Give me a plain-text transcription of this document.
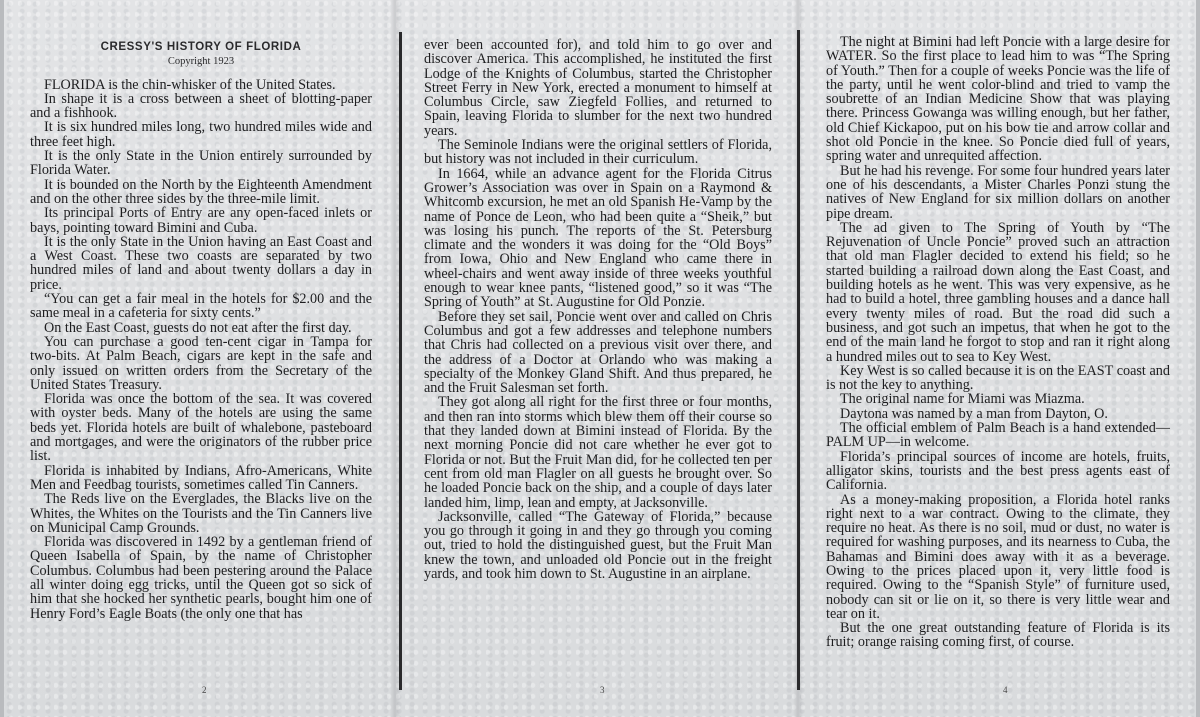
CRESSY'S HISTORY OF FLORIDA
Copyright 1923

FLORIDA is the chin-whisker of the United States.

In shape it is a cross between a sheet of blotting-paper and a fishhook.

It is six hundred miles long, two hundred miles wide and three feet high.

It is the only State in the Union entirely surrounded by Florida Water.

It is bounded on the North by the Eighteenth Amendment and on the other three sides by the three-mile limit.

Its principal Ports of Entry are any open-faced inlets or bays, pointing toward Bimini and Cuba.

It is the only State in the Union having an East Coast and a West Coast. These two coasts are separated by two hundred miles of land and about twenty dollars a day in price.

“You can get a fair meal in the hotels for $2.00 and the same meal in a cafeteria for sixty cents.”

On the East Coast, guests do not eat after the first day.

You can purchase a good ten-cent cigar in Tampa for two-bits. At Palm Beach, cigars are kept in the safe and only issued on written orders from the Secretary of the United States Treasury.

Florida was once the bottom of the sea. It was covered with oyster beds. Many of the hotels are using the same beds yet. Florida hotels are built of whalebone, pasteboard and mortgages, and were the originators of the rubber price list.

Florida is inhabited by Indians, Afro-Americans, White Men and Feedbag tourists, sometimes called Tin Canners.

The Reds live on the Everglades, the Blacks live on the Whites, the Whites on the Tourists and the Tin Canners live on Municipal Camp Grounds.

Florida was discovered in 1492 by a gentleman friend of Queen Isabella of Spain, by the name of Christopher Columbus. Columbus had been pestering around the Palace all winter doing egg tricks, until the Queen got so sick of him that she hocked her synthetic pearls, bought him one of Henry Ford’s Eagle Boats (the only one that has

ever been accounted for), and told him to go over and discover America. This accomplished, he instituted the first Lodge of the Knights of Columbus, started the Christopher Street Ferry in New York, erected a monument to himself at Columbus Circle, saw Ziegfeld Follies, and returned to Spain, leaving Florida to slumber for the next two hundred years.

The Seminole Indians were the original settlers of Florida, but history was not included in their curriculum.

In 1664, while an advance agent for the Florida Citrus Grower’s Association was over in Spain on a Raymond & Whitcomb excursion, he met an old Spanish He-Vamp by the name of Ponce de Leon, who had been quite a “Sheik,” but was losing his punch. The reports of the St. Petersburg climate and the wonders it was doing for the “Old Boys” from Iowa, Ohio and New England who came there in wheel-chairs and went away inside of three weeks youthful enough to wear knee pants, “listened good,” so it was “The Spring of Youth” at St. Augustine for Old Ponzie.

Before they set sail, Poncie went over and called on Chris Columbus and got a few addresses and telephone numbers that Chris had collected on a previous visit over there, and the address of a Doctor at Orlando who was making a specialty of the Monkey Gland Shift. And thus prepared, he and the Fruit Salesman set forth.

They got along all right for the first three or four months, and then ran into storms which blew them off their course so that they landed down at Bimini instead of Florida. By the next morning Poncie did not care whether he ever got to Florida or not. But the Fruit Man did, for he collected ten per cent from old man Flagler on all guests he brought over. So he loaded Poncie back on the ship, and a couple of days later landed him, limp, lean and empty, at Jacksonville.

Jacksonville, called “The Gateway of Florida,” because you go through it going in and they go through you coming out, tried to hold the distinguished guest, but the Fruit Man knew the town, and unloaded old Poncie out in the freight yards, and took him down to St. Augustine in an airplane.

The night at Bimini had left Poncie with a large desire for WATER. So the first place to lead him to was “The Spring of Youth.” Then for a couple of weeks Poncie was the life of the party, until he went color-blind and tried to vamp the soubrette of an Indian Medicine Show that was playing there. Princess Gowanga was willing enough, but her father, old Chief Kickapoo, put on his bow tie and arrow collar and shot old Poncie in the knee. So Poncie died full of years, spring water and unrequited affection.

But he had his revenge. For some four hundred years later one of his descendants, a Mister Charles Ponzi stung the natives of New England for six million dollars on another pipe dream.

The ad given to The Spring of Youth by “The Rejuvenation of Uncle Poncie” proved such an attraction that old man Flagler decided to extend his field; so he started building a railroad down along the East Coast, and building hotels as he went. This was very expensive, as he had to build a hotel, three gambling houses and a dance hall every twenty miles of road. But the road did such a business, and got such an impetus, that when he got to the end of the main land he forgot to stop and ran it right along a hundred miles out to sea to Key West.

Key West is so called because it is on the EAST coast and is not the key to anything.

The original name for Miami was Miazma.

Daytona was named by a man from Dayton, O.

The official emblem of Palm Beach is a hand extended—PALM UP—in welcome.

Florida’s principal sources of income are hotels, fruits, alligator skins, tourists and the best press agents east of California.

As a money-making proposition, a Florida hotel ranks right next to a war contract. Owing to the climate, they require no heat. As there is no soil, mud or dust, no water is required for washing purposes, and its nearness to Cuba, the Bahamas and Bimini does away with it as a beverage. Owing to the prices placed upon it, very little food is required. Owing to the “Spanish Style” of furniture used, nobody can sit or lie on it, so there is very little wear and tear on it.

But the one great outstanding feature of Florida is its fruit; orange raising coming first, of course.

2	3	4
